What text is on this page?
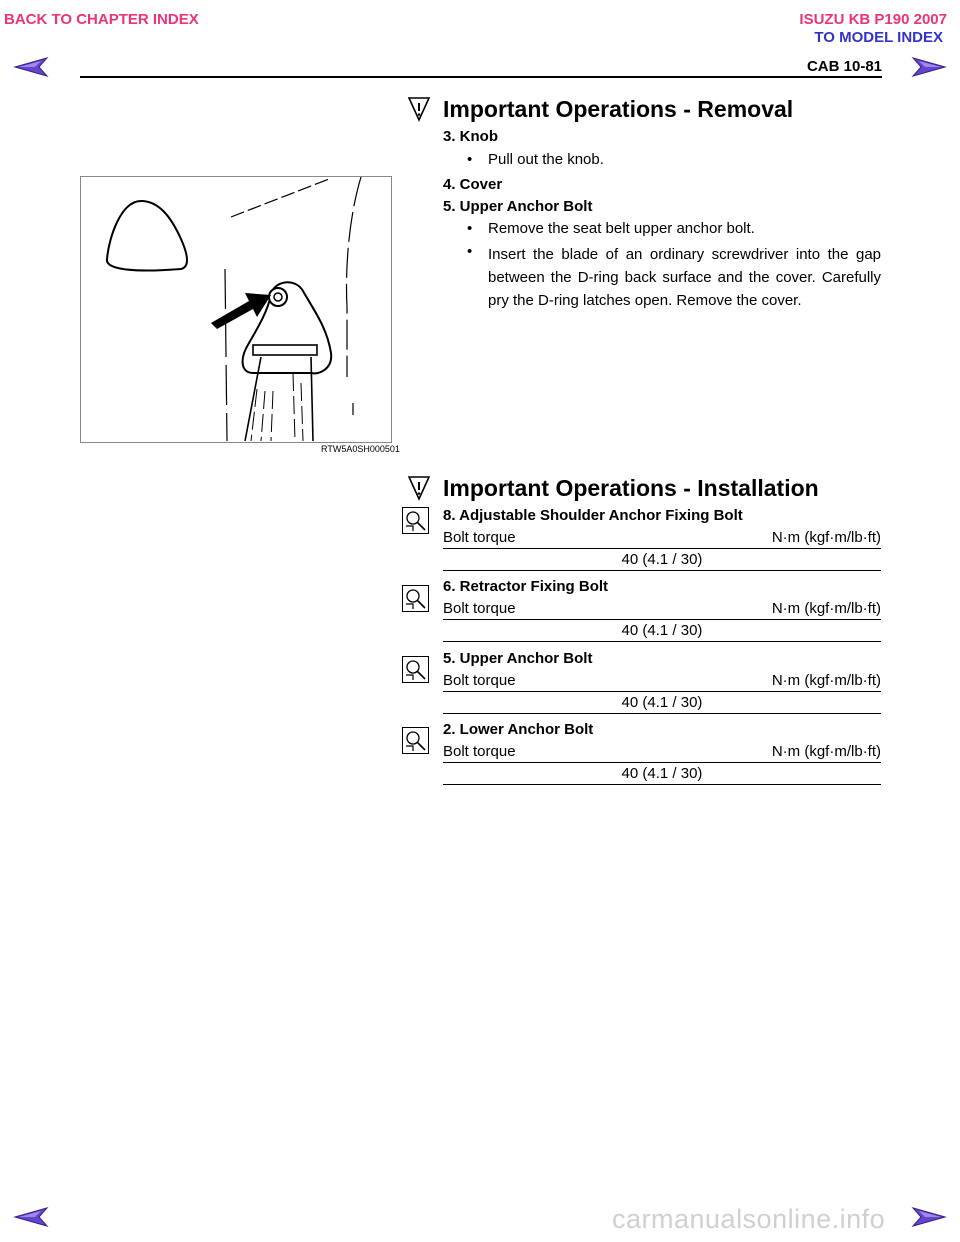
BACK TO CHAPTER INDEX	ISUZU KB P190 2007
TO MODEL INDEX
CAB 10-81
RTW5A0SH000501
Important Operations - Removal
3. Knob
• Pull out the knob.
4. Cover
5. Upper Anchor Bolt
• Remove the seat belt upper anchor bolt.
• Insert the blade of an ordinary screwdriver into the gap between the D-ring back surface and the cover. Carefully pry the D-ring latches open. Remove the cover.
Important Operations - Installation
8. Adjustable Shoulder Anchor Fixing Bolt
Bolt torque	N·m (kgf·m/lb·ft)
40 (4.1 / 30)
6. Retractor Fixing Bolt
Bolt torque	N·m (kgf·m/lb·ft)
40 (4.1 / 30)
5. Upper Anchor Bolt
Bolt torque	N·m (kgf·m/lb·ft)
40 (4.1 / 30)
2. Lower Anchor Bolt
Bolt torque	N·m (kgf·m/lb·ft)
40 (4.1 / 30)
carmanualsonline.info
